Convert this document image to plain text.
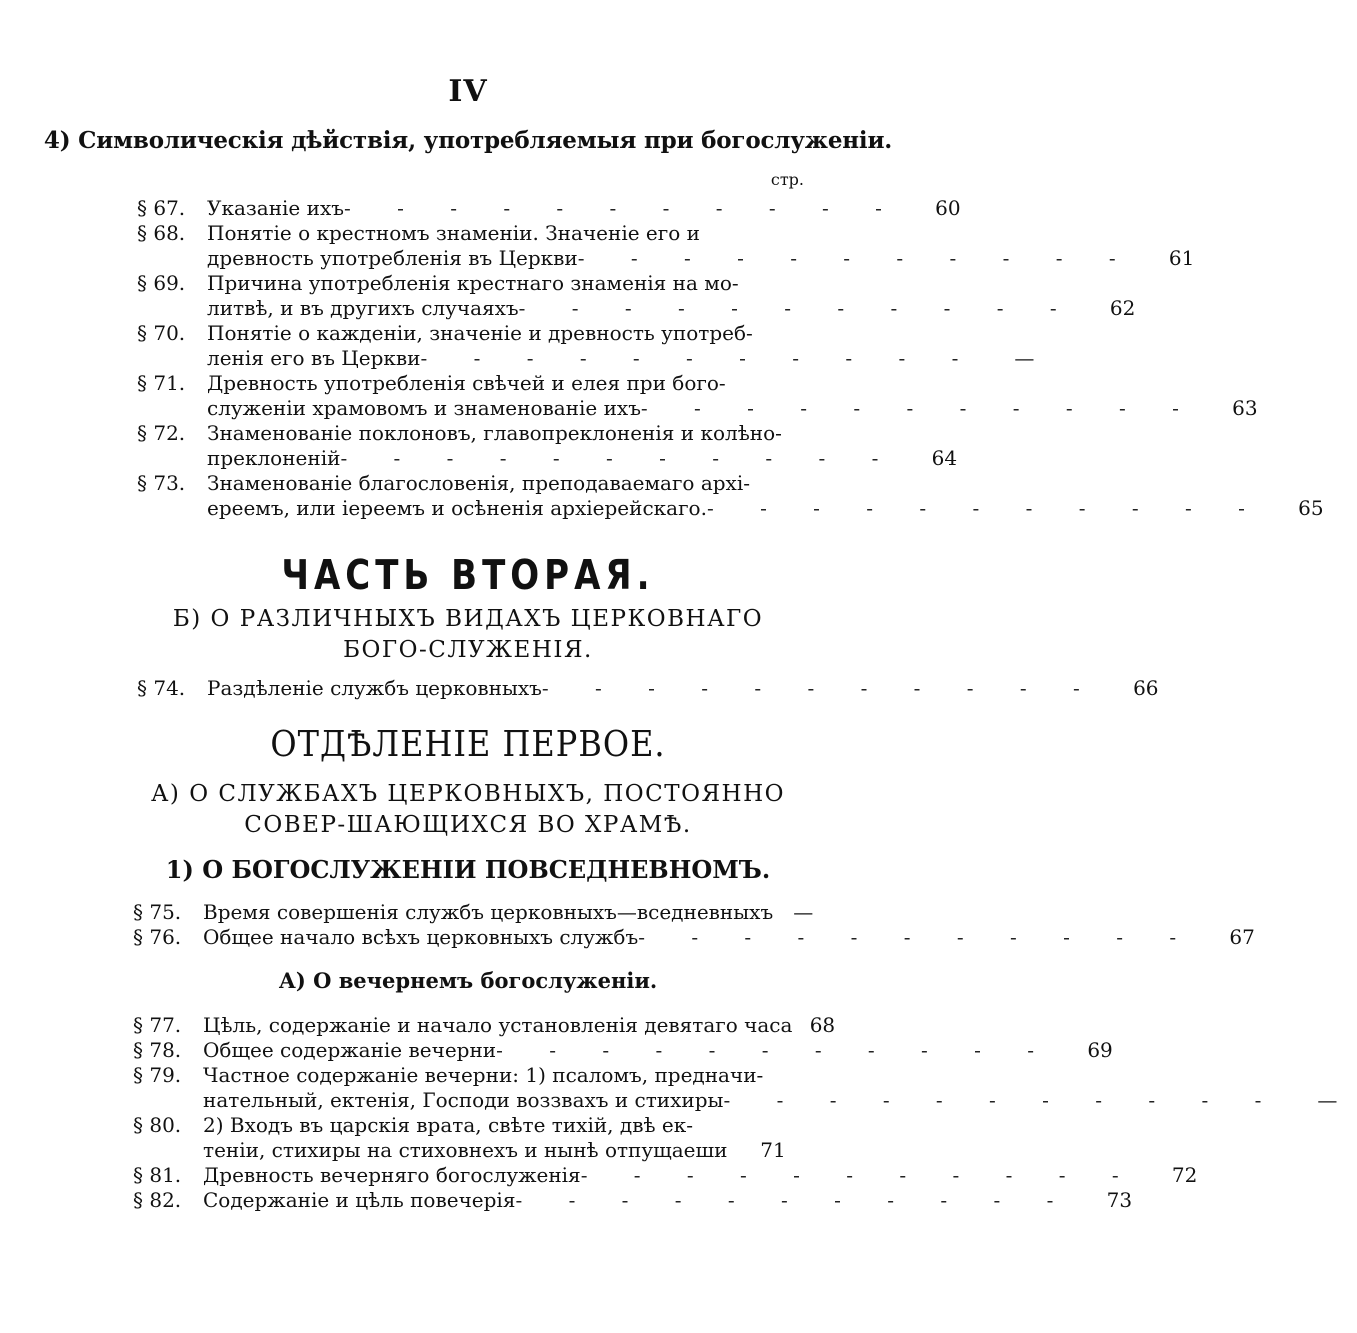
IV
4) Символическія дѣйствія, употребляемыя при богослуженіи.
стр.
§ 67.	Указаніе ихъ - - - - - - - - - - -	60
§ 68.	Понятіе о крестномъ знаменіи. Значеніе его и
древность употребленія въ Церкви - - - - - - - - - - -	61
§ 69.	Причина употребленія крестнаго знаменія на мо-
литвѣ, и въ другихъ случаяхъ - - - - - - - - - - -	62
§ 70.	Понятіе о кажденіи, значеніе и древность употреб-
ленія его въ Церкви - - - - - - - - - - -	—
§ 71.	Древность употребленія свѣчей и елея при бого-
служеніи храмовомъ и знаменованіе ихъ - - - - - - - - - - -	63
§ 72.	Знаменованіе поклоновъ, главопреклоненія и колѣно-
преклоненій - - - - - - - - - - -	64
§ 73.	Знаменованіе благословенія, преподаваемаго архі-
ереемъ, или іереемъ и осѣненія архіерейскаго. - - - - - - - - - - -	65
ЧАСТЬ ВТОРАЯ.
Б) О РАЗЛИЧНЫХЪ ВИДАХЪ ЦЕРКОВНАГО БОГО-СЛУЖЕНІЯ.
§ 74.	Раздѣленіе службъ церковныхъ - - - - - - - - - - -	66
ОТДѢЛЕНІЕ ПЕРВОЕ.
А) О СЛУЖБАХЪ ЦЕРКОВНЫХЪ, ПОСТОЯННО СОВЕР-ШАЮЩИХСЯ ВО ХРАМѢ.
1) О БОГОСЛУЖЕНІИ ПОВСЕДНЕВНОМЪ.
§ 75.	Время совершенія службъ церковныхъ—вседневныхъ	—
§ 76.	Общее начало всѣхъ церковныхъ службъ - - - - - - - - - - -	67
А) О вечернемъ богослуженіи.
§ 77.	Цѣль, содержаніе и начало установленія девятаго часа 68
§ 78.	Общее содержаніе вечерни - - - - - - - - - - -	69
§ 79.	Частное содержаніе вечерни: 1) псаломъ, предначи-
нательный, ектенія, Господи воззвахъ и стихиры - - - - - - - - - - -	—
§ 80.	2) Входъ въ царскія врата, свѣте тихій, двѣ ек-
теніи, стихиры на стиховнехъ и нынѣ отпущаеши	71
§ 81.	Древность вечерняго богослуженія - - - - - - - - - - -	72
§ 82.	Содержаніе и цѣль повечерія - - - - - - - - - - -	73
